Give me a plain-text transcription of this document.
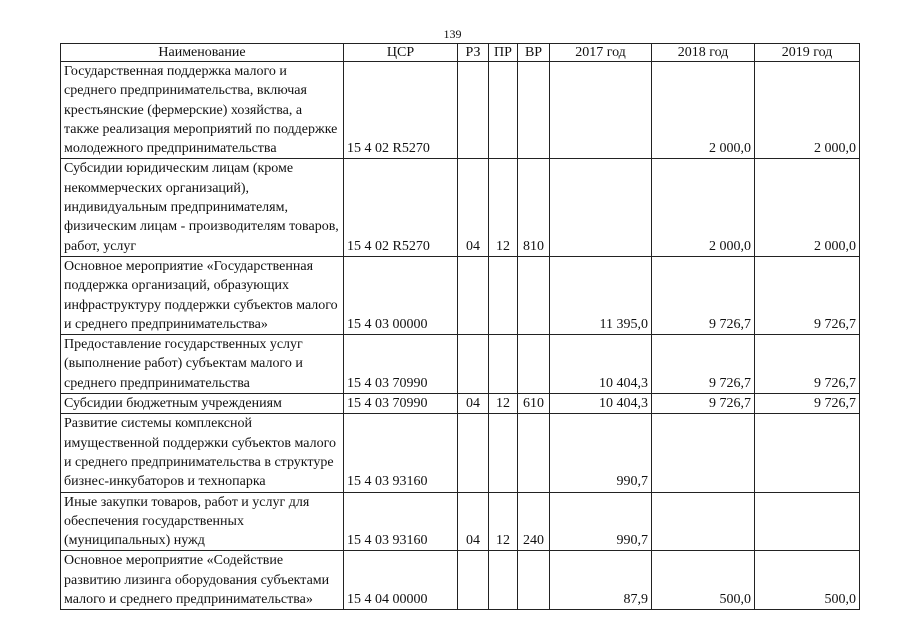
139
Наименование	ЦСР	РЗ	ПР	ВР	2017 год	2018 год	2019 год
Государственная поддержка малого и среднего предпринимательства, включая крестьянские (фермерские) хозяйства, а также реализация мероприятий по поддержке молодежного предпринимательства	15 4 02 R5270					2 000,0	2 000,0
Субсидии юридическим лицам (кроме некоммерческих организаций), индивидуальным предпринимателям, физическим лицам - производителям товаров, работ, услуг	15 4 02 R5270	04	12	810		2 000,0	2 000,0
Основное мероприятие «Государственная поддержка организаций, образующих инфраструктуру поддержки субъектов малого и среднего предпринимательства»	15 4 03 00000				11 395,0	9 726,7	9 726,7
Предоставление государственных услуг (выполнение работ) субъектам малого и среднего предпринимательства	15 4 03 70990				10 404,3	9 726,7	9 726,7
Субсидии бюджетным учреждениям	15 4 03 70990	04	12	610	10 404,3	9 726,7	9 726,7
Развитие системы комплексной имущественной поддержки субъектов малого и среднего предпринимательства в структуре бизнес-инкубаторов и технопарка	15 4 03 93160				990,7		
Иные закупки товаров, работ и услуг для обеспечения государственных (муниципальных) нужд	15 4 03 93160	04	12	240	990,7		
Основное мероприятие «Содействие развитию лизинга оборудования субъектами малого и среднего предпринимательства»	15 4 04 00000				87,9	500,0	500,0
